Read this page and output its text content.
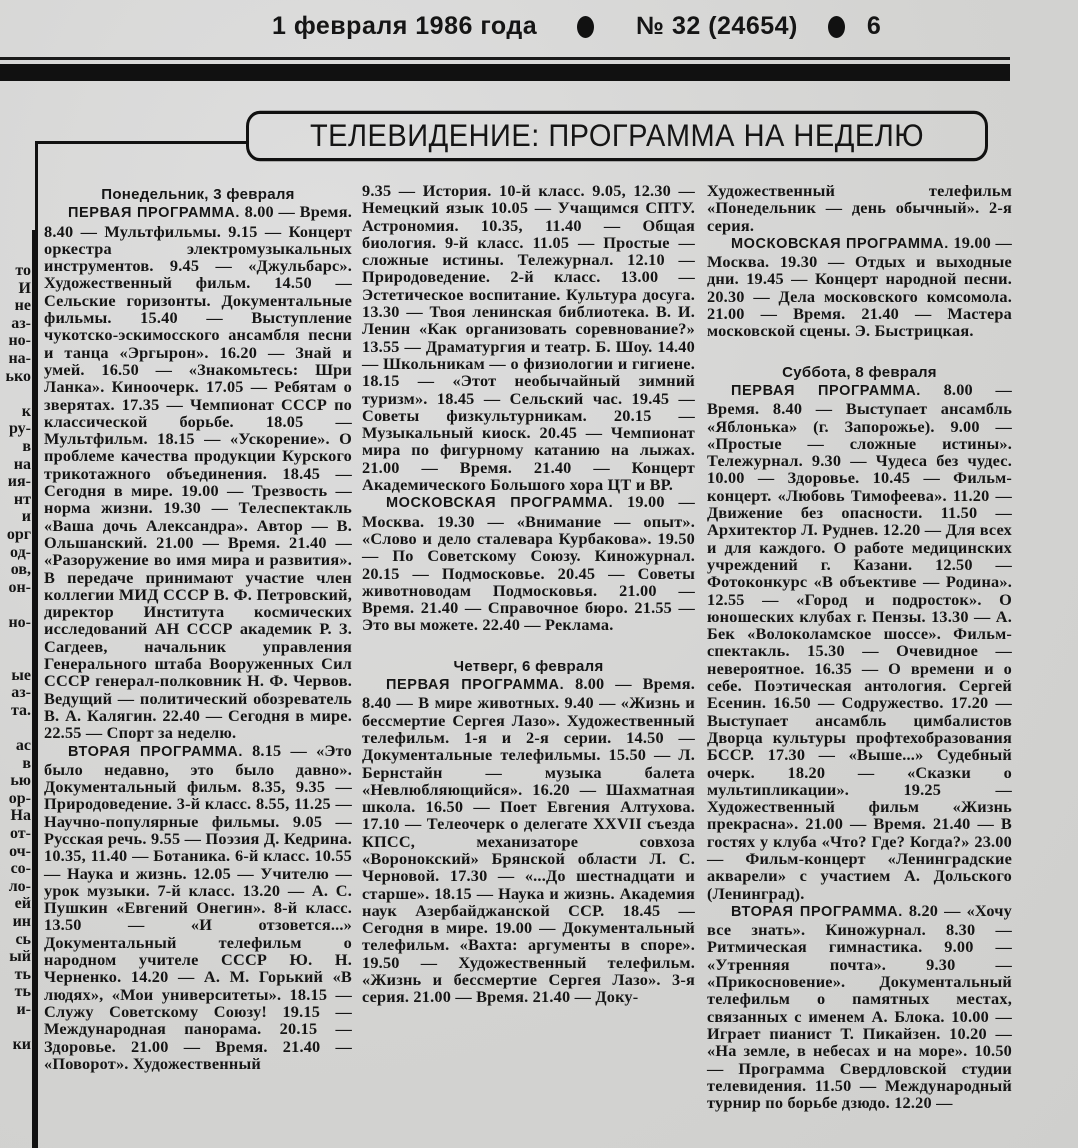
1 февраля 1986 года	№ 32 (24654)	6
то
И
не
аз-
но-
на-
ько

к
ру-
в
на
ия-
нт
и
орг
од-
ов,
он-

но-

ые
аз-
та.

ас
в
ью
ор-
На
от-
оч-
со-
ло-
ей
ин
сь
ый
ть
ть
и-

ки
ТЕЛЕВИДЕНИЕ: ПРОГРАММА НА НЕДЕЛЮ
Понедельник, 3 февраля
ПЕРВАЯ ПРОГРАММА. 8.00 — Время. 8.40 — Мультфильмы. 9.15 — Концерт оркестра электромузыкальных инструментов. 9.45 — «Джульбарс». Художественный фильм. 14.50 — Сельские горизонты. Документальные фильмы. 15.40 — Выступление чукотско-эскимосского ансамбля песни и танца «Эргырон». 16.20 — Знай и умей. 16.50 — «Знакомьтесь: Шри Ланка». Киноочерк. 17.05 — Ребятам о зверятах. 17.35 — Чемпионат СССР по классической борьбе. 18.05 — Мультфильм. 18.15 — «Ускорение». О проблеме качества продукции Курского трикотажного объединения. 18.45 — Сегодня в мире. 19.00 — Трезвость — норма жизни. 19.30 — Телеспектакль «Ваша дочь Александра». Автор — В. Ольшанский. 21.00 — Время. 21.40 — «Разоружение во имя мира и развития». В передаче принимают участие член коллегии МИД СССР В. Ф. Петровский, директор Института космических исследований АН СССР академик Р. З. Сагдеев, начальник управления Генерального штаба Вооруженных Сил СССР генерал-полковник Н. Ф. Червов. Ведущий — политический обозреватель В. А. Калягин. 22.40 — Сегодня в мире. 22.55 — Спорт за неделю.
ВТОРАЯ ПРОГРАММА. 8.15 — «Это было недавно, это было давно». Документальный фильм. 8.35, 9.35 — Природоведение. 3-й класс. 8.55, 11.25 — Научно-популярные фильмы. 9.05 — Русская речь. 9.55 — Поэзия Д. Кедрина. 10.35, 11.40 — Ботаника. 6-й класс. 10.55 — Наука и жизнь. 12.05 — Учителю — урок музыки. 7-й класс. 13.20 — А. С. Пушкин «Евгений Онегин». 8-й класс. 13.50 — «И отзовется...» Документальный телефильм о народном учителе СССР Ю. Н. Черненко. 14.20 — А. М. Горький «В людях», «Мои университеты». 18.15 — Служу Советскому Союзу! 19.15 — Международная панорама. 20.15 — Здоровье. 21.00 — Время. 21.40 — «Поворот». Художественный
9.35 — История. 10-й класс. 9.05, 12.30 — Немецкий язык 10.05 — Учащимся СПТУ. Астрономия. 10.35, 11.40 — Общая биология. 9-й класс. 11.05 — Простые — сложные истины. Тележурнал. 12.10 — Природоведение. 2-й класс. 13.00 — Эстетическое воспитание. Культура досуга. 13.30 — Твоя ленинская библиотека. В. И. Ленин «Как организовать соревнование?» 13.55 — Драматургия и театр. Б. Шоу. 14.40 — Школьникам — о физиологии и гигиене. 18.15 — «Этот необычайный зимний туризм». 18.45 — Сельский час. 19.45 — Советы физкультурникам. 20.15 — Музыкальный киоск. 20.45 — Чемпионат мира по фигурному катанию на лыжах. 21.00 — Время. 21.40 — Концерт Академического Большого хора ЦТ и ВР.
МОСКОВСКАЯ ПРОГРАММА. 19.00 — Москва. 19.30 — «Внимание — опыт». «Слово и дело сталевара Курбакова». 19.50 — По Советскому Союзу. Киножурнал. 20.15 — Подмосковье. 20.45 — Советы животноводам Подмосковья. 21.00 — Время. 21.40 — Справочное бюро. 21.55 — Это вы можете. 22.40 — Реклама.
Четверг, 6 февраля
ПЕРВАЯ ПРОГРАММА. 8.00 — Время. 8.40 — В мире животных. 9.40 — «Жизнь и бессмертие Сергея Лазо». Художественный телефильм. 1-я и 2-я серии. 14.50 — Документальные телефильмы. 15.50 — Л. Бернстайн — музыка балета «Невлюбляющийся». 16.20 — Шахматная школа. 16.50 — Поет Евгения Алтухова. 17.10 — Телеочерк о делегате XXVII съезда КПСС, механизаторе совхоза «Воронокский» Брянской области Л. С. Черновой. 17.30 — «...До шестнадцати и старше». 18.15 — Наука и жизнь. Академия наук Азербайджанской ССР. 18.45 — Сегодня в мире. 19.00 — Документальный телефильм. «Вахта: аргументы в споре». 19.50 — Художественный телефильм. «Жизнь и бессмертие Сергея Лазо». 3-я серия. 21.00 — Время. 21.40 — Доку-
Художественный телефильм «Понедельник — день обычный». 2-я серия.
МОСКОВСКАЯ ПРОГРАММА. 19.00 — Москва. 19.30 — Отдых и выходные дни. 19.45 — Концерт народной песни. 20.30 — Дела московского комсомола. 21.00 — Время. 21.40 — Мастера московской сцены. Э. Быстрицкая.
Суббота, 8 февраля
ПЕРВАЯ ПРОГРАММА. 8.00 — Время. 8.40 — Выступает ансамбль «Яблонька» (г. Запорожье). 9.00 — «Простые — сложные истины». Тележурнал. 9.30 — Чудеса без чудес. 10.00 — Здоровье. 10.45 — Фильм-концерт. «Любовь Тимофеева». 11.20 — Движение без опасности. 11.50 — Архитектор Л. Руднев. 12.20 — Для всех и для каждого. О работе медицинских учреждений г. Казани. 12.50 — Фотоконкурс «В объективе — Родина». 12.55 — «Город и подросток». О юношеских клубах г. Пензы. 13.30 — А. Бек «Волоколамское шоссе». Фильм-спектакль. 15.30 — Очевидное — невероятное. 16.35 — О времени и о себе. Поэтическая антология. Сергей Есенин. 16.50 — Содружество. 17.20 — Выступает ансамбль цимбалистов Дворца культуры профтехобразования БССР. 17.30 — «Выше...» Судебный очерк. 18.20 — «Сказки о мультипликации». 19.25 — Художественный фильм «Жизнь прекрасна». 21.00 — Время. 21.40 — В гостях у клуба «Что? Где? Когда?» 23.00 — Фильм-концерт «Ленинградские акварели» с участием А. Дольского (Ленинград).
ВТОРАЯ ПРОГРАММА. 8.20 — «Хочу все знать». Киножурнал. 8.30 — Ритмическая гимнастика. 9.00 — «Утренняя почта». 9.30 — «Прикосновение». Документальный телефильм о памятных местах, связанных с именем А. Блока. 10.00 — Играет пианист Т. Пикайзен. 10.20 — «На земле, в небесах и на море». 10.50 — Программа Свердловской студии телевидения. 11.50 — Международный турнир по борьбе дзюдо. 12.20 —
